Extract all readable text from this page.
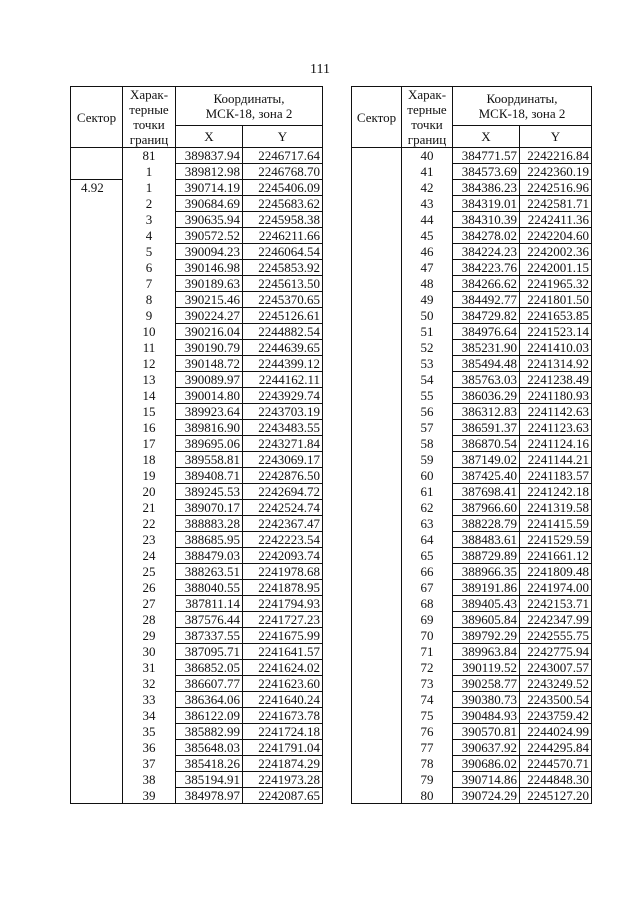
111
Сектор	Харак-
терные
точки
границ	Координаты,
МСК-18, зона 2	
		X	Y
	81	389837.94	2246717.64
	1	389812.98	2246768.70
4.92	1	390714.19	2245406.09
	2	390684.69	2245683.62
	3	390635.94	2245958.38
	4	390572.52	2246211.66
	5	390094.23	2246064.54
	6	390146.98	2245853.92
	7	390189.63	2245613.50
	8	390215.46	2245370.65
	9	390224.27	2245126.61
	10	390216.04	2244882.54
	11	390190.79	2244639.65
	12	390148.72	2244399.12
	13	390089.97	2244162.11
	14	390014.80	2243929.74
	15	389923.64	2243703.19
	16	389816.90	2243483.55
	17	389695.06	2243271.84
	18	389558.81	2243069.17
	19	389408.71	2242876.50
	20	389245.53	2242694.72
	21	389070.17	2242524.74
	22	388883.28	2242367.47
	23	388685.95	2242223.54
	24	388479.03	2242093.74
	25	388263.51	2241978.68
	26	388040.55	2241878.95
	27	387811.14	2241794.93
	28	387576.44	2241727.23
	29	387337.55	2241675.99
	30	387095.71	2241641.57
	31	386852.05	2241624.02
	32	386607.77	2241623.60
	33	386364.06	2241640.24
	34	386122.09	2241673.78
	35	385882.99	2241724.18
	36	385648.03	2241791.04
	37	385418.26	2241874.29
	38	385194.91	2241973.28
	39	384978.97	2242087.65
Сектор	Харак-
терные
точки
границ	Координаты,
МСК-18, зона 2	
		X	Y
	40	384771.57	2242216.84
	41	384573.69	2242360.19
	42	384386.23	2242516.96
	43	384319.01	2242581.71
	44	384310.39	2242411.36
	45	384278.02	2242204.60
	46	384224.23	2242002.36
	47	384223.76	2242001.15
	48	384266.62	2241965.32
	49	384492.77	2241801.50
	50	384729.82	2241653.85
	51	384976.64	2241523.14
	52	385231.90	2241410.03
	53	385494.48	2241314.92
	54	385763.03	2241238.49
	55	386036.29	2241180.93
	56	386312.83	2241142.63
	57	386591.37	2241123.63
	58	386870.54	2241124.16
	59	387149.02	2241144.21
	60	387425.40	2241183.57
	61	387698.41	2241242.18
	62	387966.60	2241319.58
	63	388228.79	2241415.59
	64	388483.61	2241529.59
	65	388729.89	2241661.12
	66	388966.35	2241809.48
	67	389191.86	2241974.00
	68	389405.43	2242153.71
	69	389605.84	2242347.99
	70	389792.29	2242555.75
	71	389963.84	2242775.94
	72	390119.52	2243007.57
	73	390258.77	2243249.52
	74	390380.73	2243500.54
	75	390484.93	2243759.42
	76	390570.81	2244024.99
	77	390637.92	2244295.84
	78	390686.02	2244570.71
	79	390714.86	2244848.30
	80	390724.29	2245127.20
